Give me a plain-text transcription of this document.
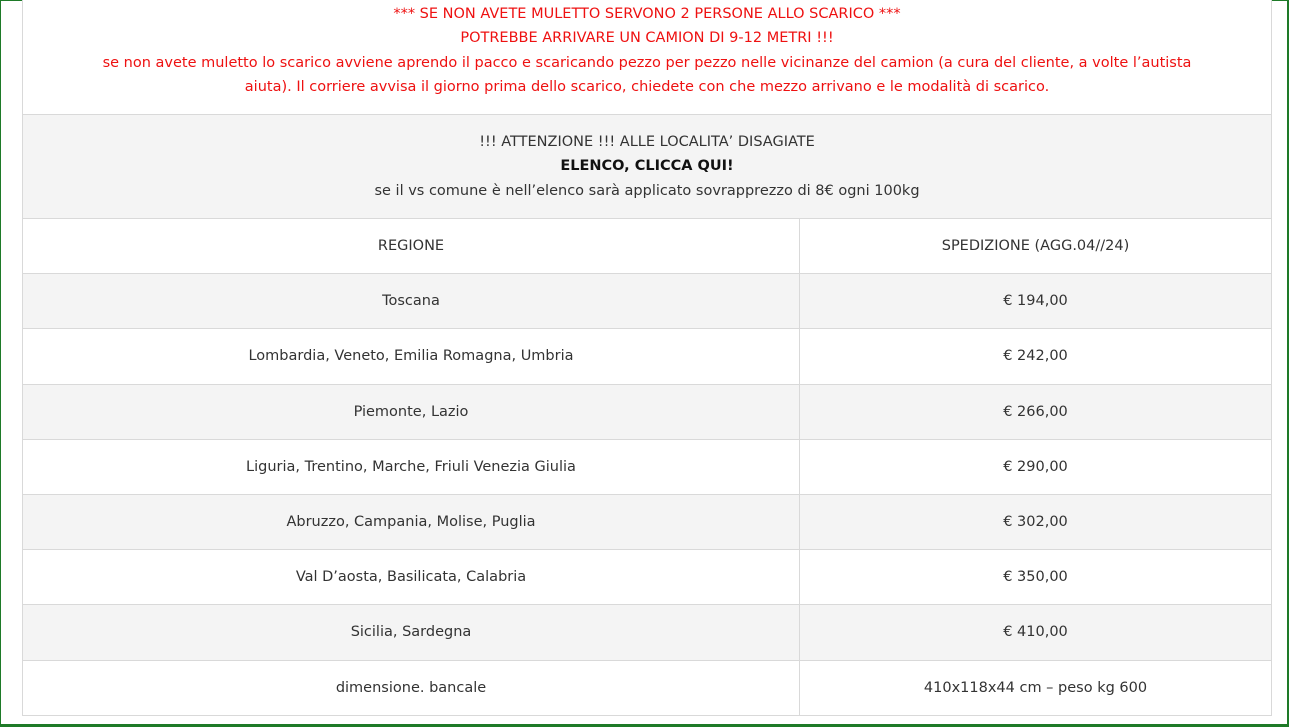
*** SE NON AVETE MULETTO SERVONO 2 PERSONE ALLO SCARICO ***
POTREBBE ARRIVARE UN CAMION DI 9-12 METRI !!!
se non avete muletto lo scarico avviene aprendo il pacco e scaricando pezzo per pezzo nelle vicinanze del camion (a cura del cliente, a volte l’autista
aiuta). Il corriere avvisa il giorno prima dello scarico, chiedete con che mezzo arrivano e le modalità di scarico.
!!! ATTENZIONE !!! ALLE LOCALITA’ DISAGIATE
ELENCO, CLICCA QUI!
se il vs comune è nell’elenco sarà applicato sovrapprezzo di 8€ ogni 100kg
REGIONE	SPEDIZIONE (AGG.04//24)
Toscana	€ 194,00
Lombardia, Veneto, Emilia Romagna, Umbria	€ 242,00
Piemonte, Lazio	€ 266,00
Liguria, Trentino, Marche, Friuli Venezia Giulia	€ 290,00
Abruzzo, Campania, Molise, Puglia	€ 302,00
Val D’aosta, Basilicata, Calabria	€ 350,00
Sicilia, Sardegna	€ 410,00
dimensione. bancale	410x118x44 cm – peso kg 600
